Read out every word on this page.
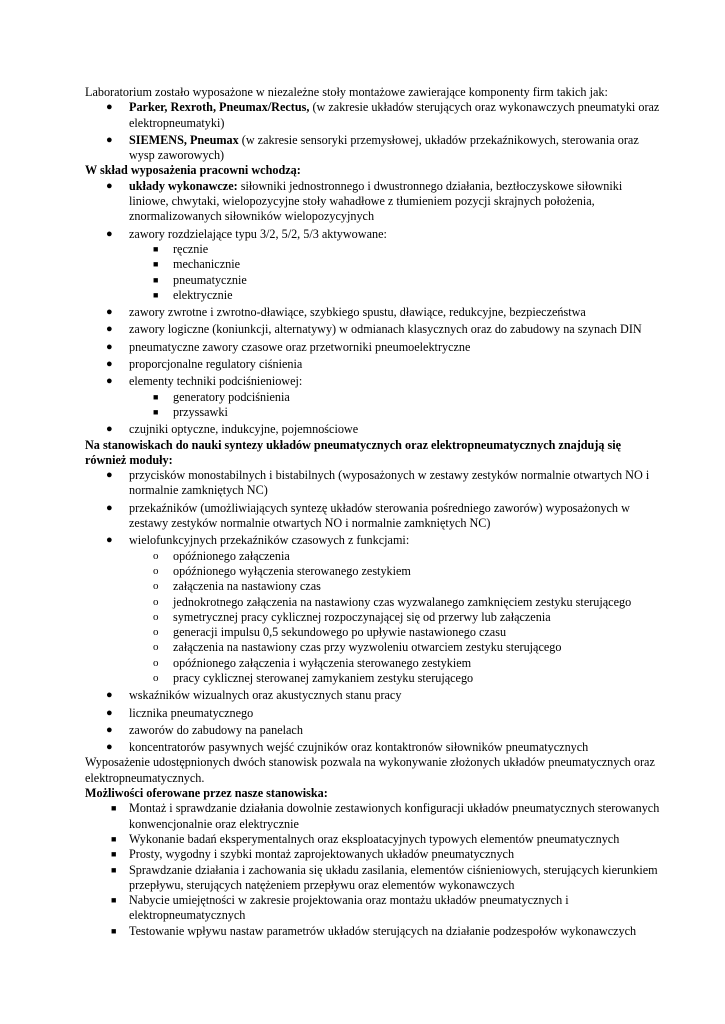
Laboratorium zostało wyposażone w niezależne stoły montażowe zawierające komponenty firm takich jak:

● Parker, Rexroth, Pneumax/Rectus, (w zakresie układów sterujących oraz wykonawczych pneumatyki oraz elektropneumatyki)
● SIEMENS, Pneumax (w zakresie sensoryki przemysłowej, układów przekaźnikowych, sterowania oraz wysp zaworowych)

W skład wyposażenia pracowni wchodzą:

● układy wykonawcze: siłowniki jednostronnego i dwustronnego działania, beztłoczyskowe siłowniki liniowe, chwytaki, wielopozycyjne stoły wahadłowe z tłumieniem pozycji skrajnych położenia, znormalizowanych siłowników wielopozycyjnych
● zawory rozdzielające typu 3/2, 5/2, 5/3 aktywowane:
■ ręcznie
■ mechanicznie
■ pneumatycznie
■ elektrycznie
● zawory zwrotne i zwrotno-dławiące, szybkiego spustu, dławiące, redukcyjne, bezpieczeństwa
● zawory logiczne (koniunkcji, alternatywy) w odmianach klasycznych oraz do zabudowy na szynach DIN
● pneumatyczne zawory czasowe oraz przetworniki pneumoelektryczne
● proporcjonalne regulatory ciśnienia
● elementy techniki podciśnieniowej:
■ generatory podciśnienia
■ przyssawki
● czujniki optyczne, indukcyjne, pojemnościowe

Na stanowiskach do nauki syntezy układów pneumatycznych oraz elektropneumatycznych znajdują się również moduły:

● przycisków monostabilnych i bistabilnych (wyposażonych w zestawy zestyków normalnie otwartych NO i normalnie zamkniętych NC)
● przekaźników (umożliwiających syntezę układów sterowania pośredniego zaworów) wyposażonych w zestawy zestyków normalnie otwartych NO i normalnie zamkniętych NC)
● wielofunkcyjnych przekaźników czasowych z funkcjami:
o opóźnionego załączenia
o opóźnionego wyłączenia sterowanego zestykiem
o załączenia na nastawiony czas
o jednokrotnego załączenia na nastawiony czas wyzwalanego zamknięciem zestyku sterującego
o symetrycznej pracy cyklicznej rozpoczynającej się od przerwy lub załączenia
o generacji impulsu 0,5 sekundowego po upływie nastawionego czasu
o załączenia na nastawiony czas przy wyzwoleniu otwarciem zestyku sterującego
o opóźnionego załączenia i wyłączenia sterowanego zestykiem
o pracy cyklicznej sterowanej zamykaniem zestyku sterującego
● wskaźników wizualnych oraz akustycznych stanu pracy
● licznika pneumatycznego
● zaworów do zabudowy na panelach
● koncentratorów pasywnych wejść czujników oraz kontaktronów siłowników pneumatycznych

Wyposażenie udostępnionych dwóch stanowisk pozwala na wykonywanie złożonych układów pneumatycznych oraz elektropneumatycznych.

Możliwości oferowane przez nasze stanowiska:

■ Montaż i sprawdzanie działania dowolnie zestawionych konfiguracji układów pneumatycznych sterowanych konwencjonalnie oraz elektrycznie
■ Wykonanie badań eksperymentalnych oraz eksploatacyjnych typowych elementów pneumatycznych
■ Prosty, wygodny i szybki montaż zaprojektowanych układów pneumatycznych
■ Sprawdzanie działania i zachowania się układu zasilania, elementów ciśnieniowych, sterujących kierunkiem przepływu, sterujących natężeniem przepływu oraz elementów wykonawczych
■ Nabycie umiejętności w zakresie projektowania oraz montażu układów pneumatycznych i elektropneumatycznych
■ Testowanie wpływu nastaw parametrów układów sterujących na działanie podzespołów wykonawczych
